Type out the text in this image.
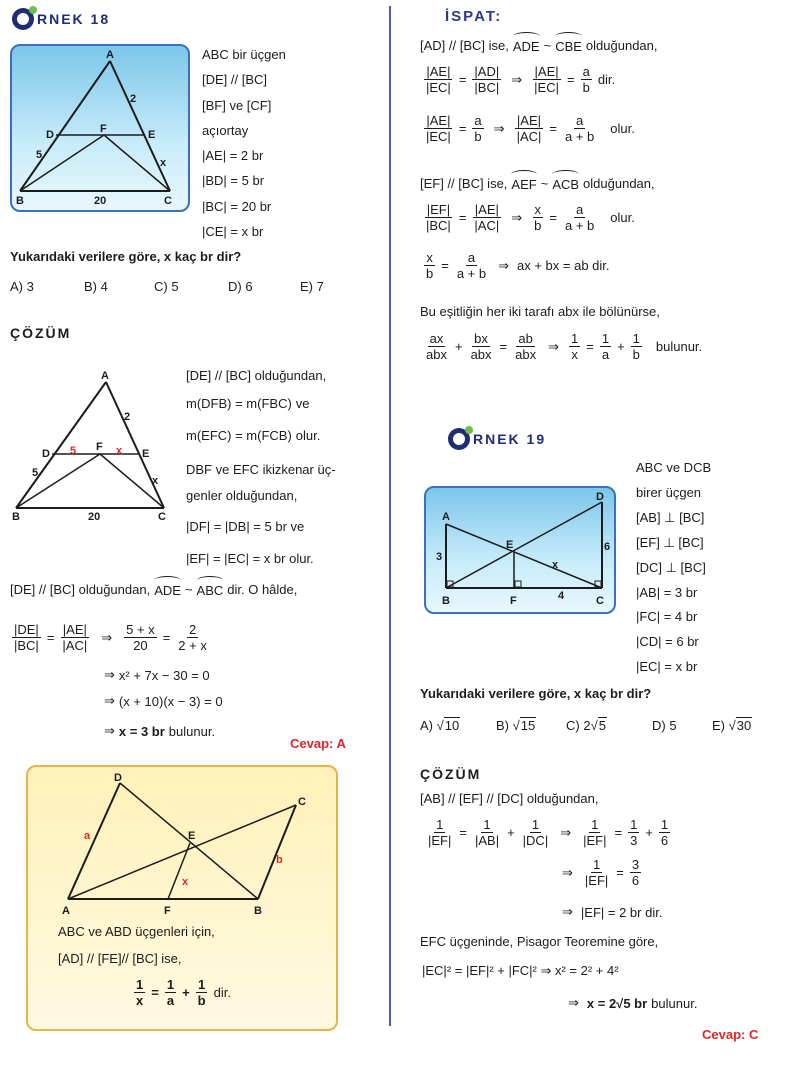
RNEK 18
A
2
D	F	E
5
x
B	20	C
ABC bir üçgen
[DE] // [BC]
[BF] ve [CF]
açıortay
|AE| = 2 br
|BD| = 5 br
|BC| = 20 br
|CE| = x br
Yukarıdaki verilere göre, x kaç br dir?
A) 3	B) 4	C) 5	D) 6	E) 7
ÇÖZÜM
A
2
D 5 F x E
5
x
B	20	C
[DE] // [BC] olduğundan,
m(DFB) = m(FBC) ve
m(EFC) = m(FCB) olur.
DBF ve EFC ikizkenar üç-
genler olduğundan,
|DF| = |DB| = 5 br ve
|EF| = |EC| = x br olur.
[DE] // [BC] olduğundan, ADE ~ ABC dir. O hâlde,
$\frac{|DE|}{|BC|} = \frac{|AE|}{|AC|}$ ⇒ $\frac{5 + x}{20} = \frac{2}{2 + x}$
⇒ x² + 7x − 30 = 0
⇒ (x + 10)(x − 3) = 0
⇒ x = 3 br bulunur.
Cevap: A
D
C
E
a
x
b
A	F	B
ABC ve ABD üçgenleri için,
[AD] // [FE]// [BC] ise,
$\frac{1}{x} = \frac{1}{a} + \frac{1}{b}$ dir.
İSPAT:
[AD] // [BC] ise, ADE ~ CBE olduğundan,
$\frac{|AE|}{|EC|} = \frac{|AD|}{|BC|}$ ⇒ $\frac{|AE|}{|EC|} = \frac{a}{b}$ dir.
$\frac{|AE|}{|EC|} = \frac{a}{b}$ ⇒ $\frac{|AE|}{|AC|} = \frac{a}{a + b}$ olur.
[EF] // [BC] ise, AEF ~ ACB olduğundan,
$\frac{|EF|}{|BC|} = \frac{|AE|}{|AC|}$ ⇒ $\frac{x}{b} = \frac{a}{a + b}$ olur.
$\frac{x}{b} = \frac{a}{a + b}$ ⇒ ax + bx = ab dir.
Bu eşitliğin her iki tarafı abx ile bölünürse,
$\frac{ax}{\text{abx}} + \frac{bx}{\text{abx}} = \frac{ab}{\text{abx}}$ ⇒ $\frac{1}{x} = \frac{1}{a} + \frac{1}{b}$ bulunur.
RNEK 19
A
D
E
3
6
x
4
B	F	C
ABC ve DCB
birer üçgen
[AB] ⊥ [BC]
[EF] ⊥ [BC]
[DC] ⊥ [BC]
|AB| = 3 br
|FC| = 4 br
|CD| = 6 br
|EC| = x br
Yukarıdaki verilere göre, x kaç br dir?
A) √10	B) √15	C) 2√5	D) 5	E) √30
ÇÖZÜM
[AB] // [EF] // [DC] olduğundan,
$\frac{1}{|EF|} = \frac{1}{|AB|} + \frac{1}{|DC|}$ ⇒ $\frac{1}{|EF|} = \frac{1}{3} + \frac{1}{6}$
⇒ $\frac{1}{|EF|} = \frac{3}{6}$
⇒ |EF| = 2 br dir.
EFC üçgeninde, Pisagor Teoremine göre,
|EC|² = |EF|² + |FC|² ⇒ x² = 2² + 4²
⇒ x = 2√5 br bulunur.
Cevap: C
